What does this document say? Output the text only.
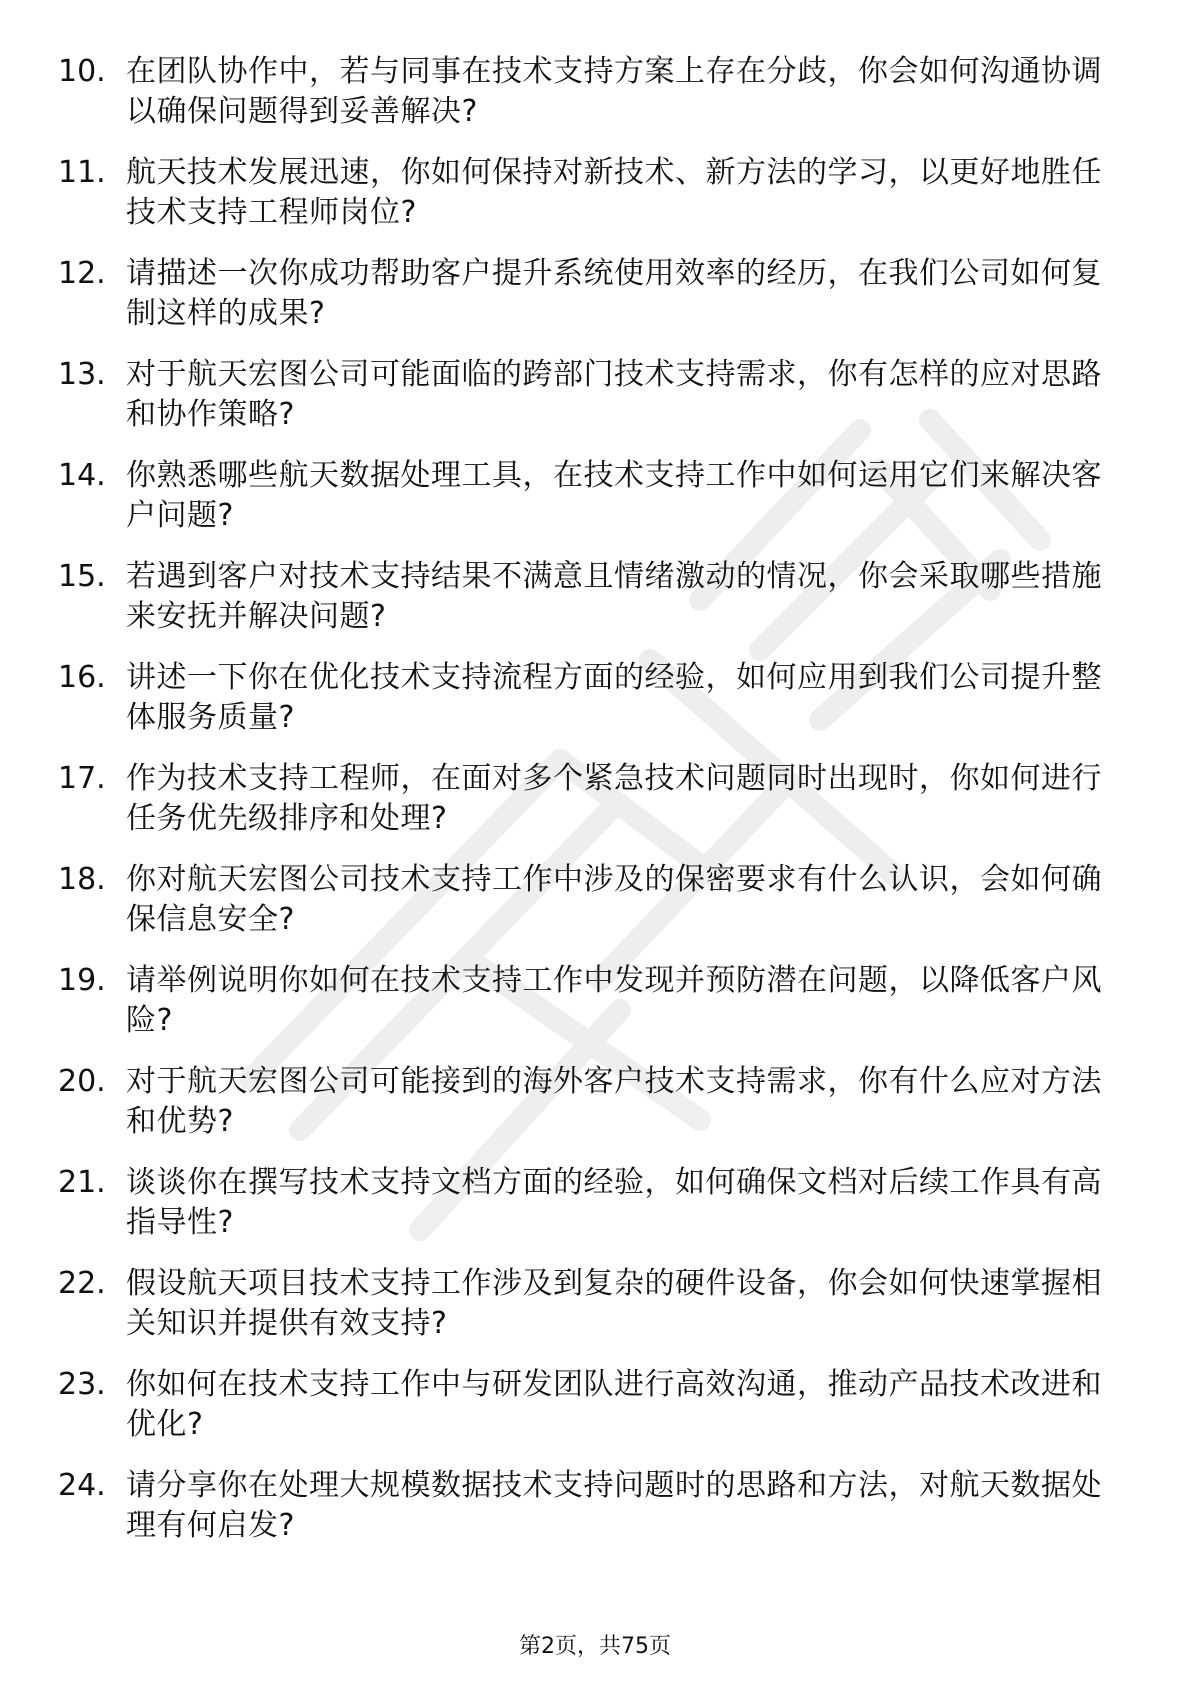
10. 在团队协作中，若与同事在技术支持方案上存在分歧，你会如何沟通协调以确保问题得到妥善解决?
11. 航天技术发展迅速，你如何保持对新技术、新方法的学习，以更好地胜任技术支持工程师岗位?
12. 请描述一次你成功帮助客户提升系统使用效率的经历，在我们公司如何复制这样的成果?
13. 对于航天宏图公司可能面临的跨部门技术支持需求，你有怎样的应对思路和协作策略?
14. 你熟悉哪些航天数据处理工具，在技术支持工作中如何运用它们来解决客户问题?
15. 若遇到客户对技术支持结果不满意且情绪激动的情况，你会采取哪些措施来安抚并解决问题?
16. 讲述一下你在优化技术支持流程方面的经验，如何应用到我们公司提升整体服务质量?
17. 作为技术支持工程师，在面对多个紧急技术问题同时出现时，你如何进行任务优先级排序和处理?
18. 你对航天宏图公司技术支持工作中涉及的保密要求有什么认识，会如何确保信息安全?
19. 请举例说明你如何在技术支持工作中发现并预防潜在问题，以降低客户风险?
20. 对于航天宏图公司可能接到的海外客户技术支持需求，你有什么应对方法和优势?
21. 谈谈你在撰写技术支持文档方面的经验，如何确保文档对后续工作具有高指导性?
22. 假设航天项目技术支持工作涉及到复杂的硬件设备，你会如何快速掌握相关知识并提供有效支持?
23. 你如何在技术支持工作中与研发团队进行高效沟通，推动产品技术改进和优化?
24. 请分享你在处理大规模数据技术支持问题时的思路和方法，对航天数据处理有何启发?
第2页，共75页
